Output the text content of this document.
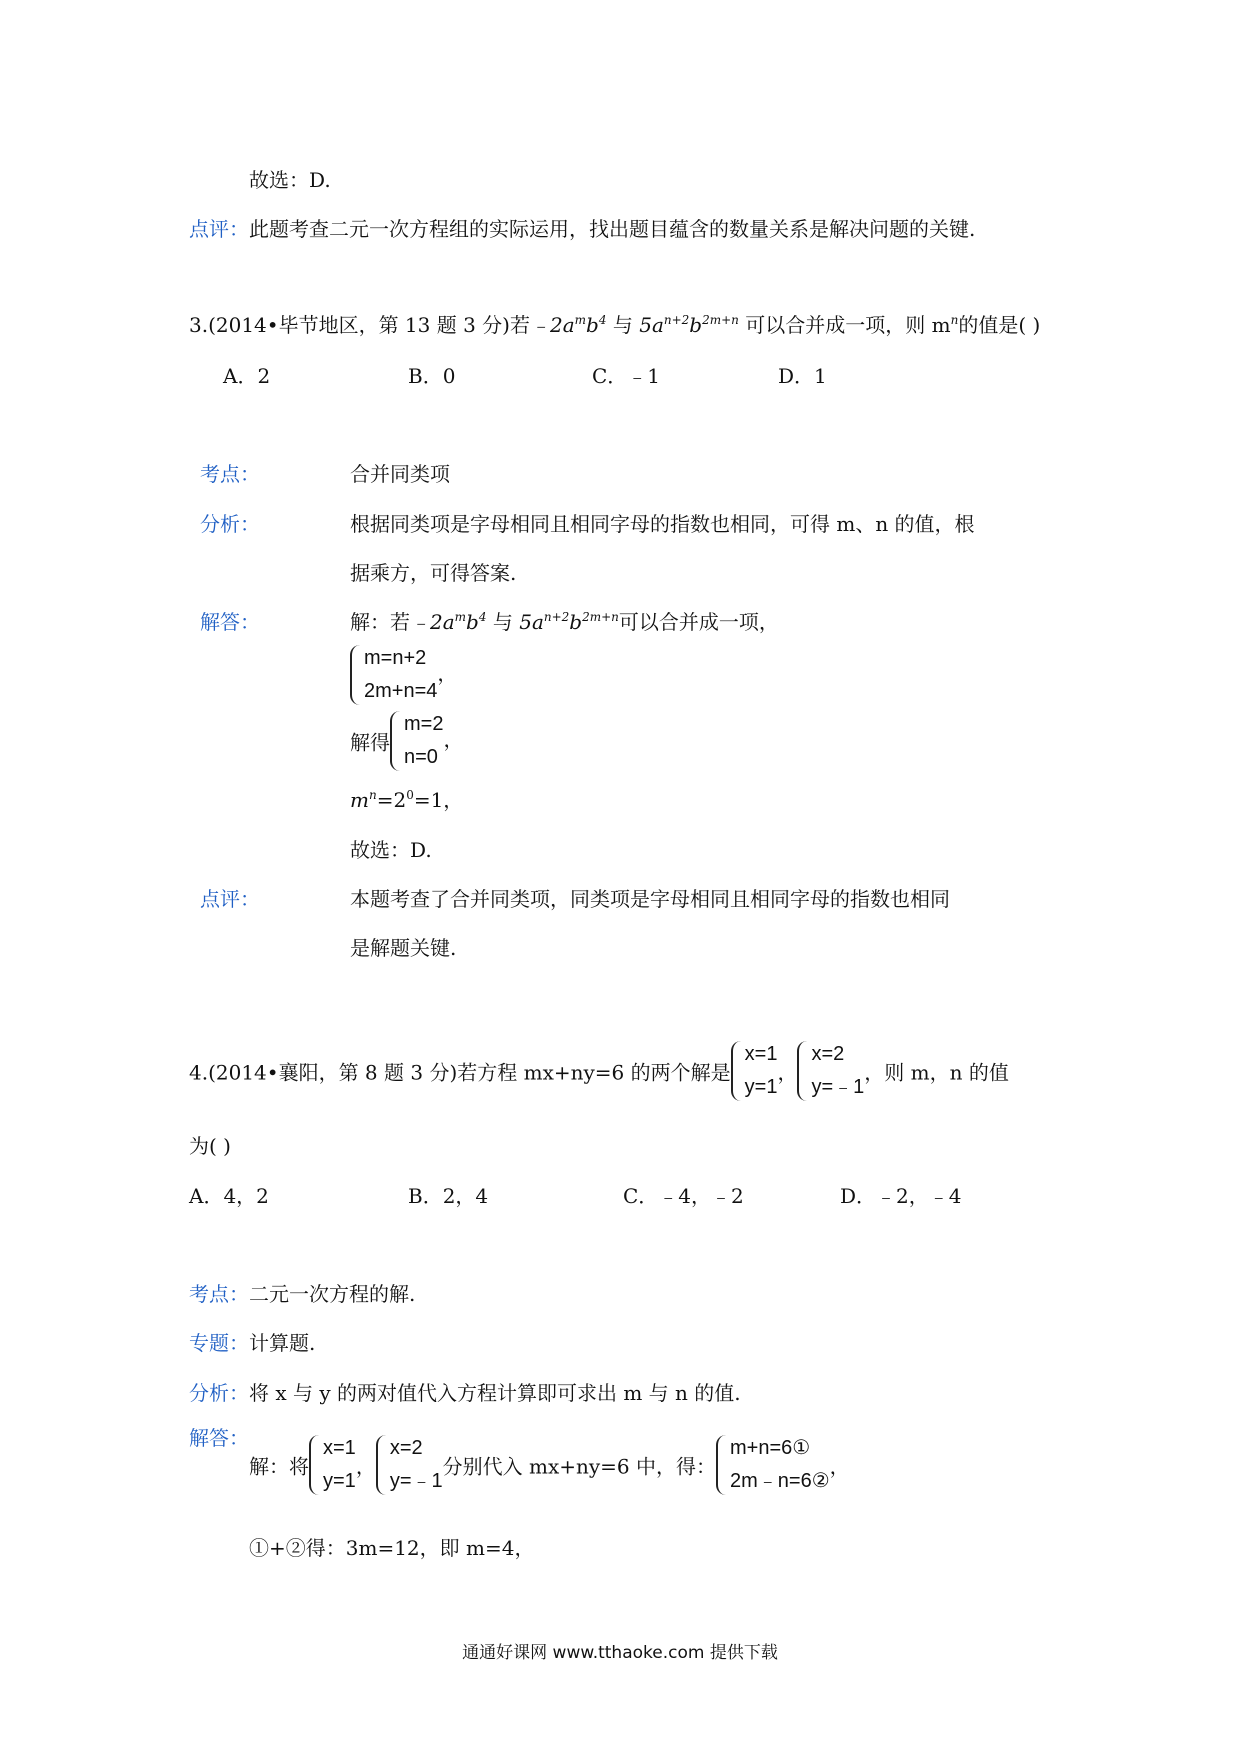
故选：D.
点评：此题考查二元一次方程组的实际运用，找出题目蕴含的数量关系是解决问题的关键.
3.(2014•毕节地区，第 13 题 3 分)若$﹣2a^mb^4$ 与 $5a^{n+2}b^{2m+n}$ 可以合并成一项，则 $m^n$的值是( )
A．2	B．0	C．﹣1	D．1
考点：	合并同类项
分析：	根据同类项是字母相同且相同字母的指数也相同，可得 m、n 的值，根
据乘方，可得答案.
解答：	解：若$﹣2a^mb^4$ 与 $5a^{n+2}b^{2m+n}$可以合并成一项，
m=n+2
2m+n=4
，
解得
m=2
n=0
，
$m^n=2^0=1$，
故选：D.
点评：	本题考查了合并同类项，同类项是字母相同且相同字母的指数也相同
是解题关键.
4.(2014•襄阳，第 8 题 3 分)若方程 mx+ny=6 的两个解是
x=1
y=1
，
x=2
y=﹣1
，则 m，n 的值
为( )
A．4，2	B．2，4	C．﹣4，﹣2	D．﹣2，﹣4
考点：二元一次方程的解.
专题：计算题.
分析：将 x 与 y 的两对值代入方程计算即可求出 m 与 n 的值.
解答：
解：将
x=1
y=1
，
x=2
y=﹣1
分别代入 mx+ny=6 中，得：
m+n=6①
2m﹣n=6②
，
①+②得：3m=12，即 m=4，
通通好课网 www.tthaoke.com 提供下载
